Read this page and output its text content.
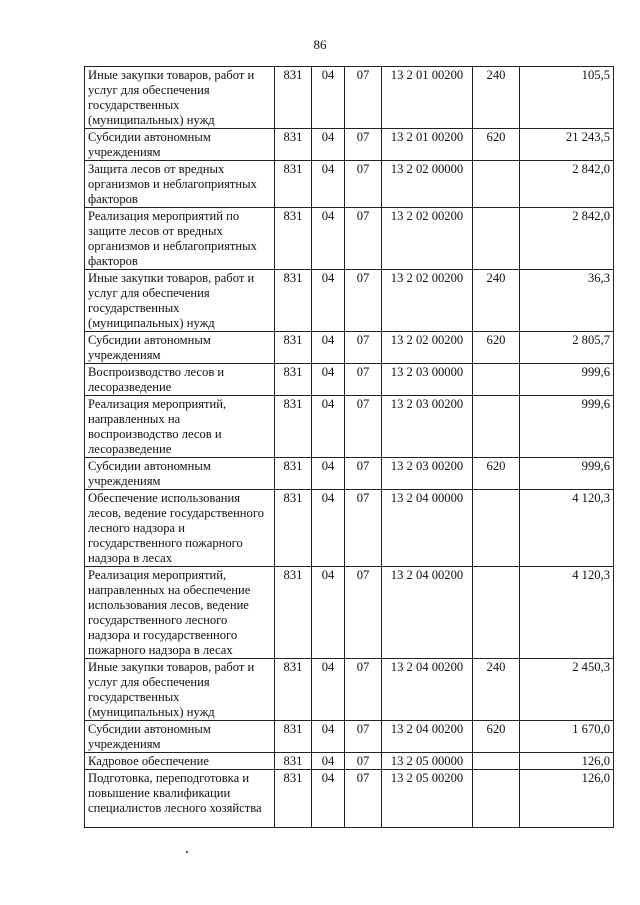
86
Иные закупки товаров, работ и услуг для обеспечения государственных (муниципальных) нужд	831	04	07	13 2 01 00200	240	105,5
Субсидии автономным учреждениям	831	04	07	13 2 01 00200	620	21 243,5
Защита лесов от вредных организмов и неблагоприятных факторов	831	04	07	13 2 02 00000		2 842,0
Реализация мероприятий по защите лесов от вредных организмов и неблагоприятных факторов	831	04	07	13 2 02 00200		2 842,0
Иные закупки товаров, работ и услуг для обеспечения государственных (муниципальных) нужд	831	04	07	13 2 02 00200	240	36,3
Субсидии автономным учреждениям	831	04	07	13 2 02 00200	620	2 805,7
Воспроизводство лесов и лесоразведение	831	04	07	13 2 03 00000		999,6
Реализация мероприятий, направленных на воспроизводство лесов и лесоразведение	831	04	07	13 2 03 00200		999,6
Субсидии автономным учреждениям	831	04	07	13 2 03 00200	620	999,6
Обеспечение использования лесов, ведение государственного лесного надзора и государственного пожарного надзора в лесах	831	04	07	13 2 04 00000		4 120,3
Реализация мероприятий, направленных на обеспечение использования лесов, ведение государственного лесного надзора и государственного пожарного надзора в лесах	831	04	07	13 2 04 00200		4 120,3
Иные закупки товаров, работ и услуг для обеспечения государственных (муниципальных) нужд	831	04	07	13 2 04 00200	240	2 450,3
Субсидии автономным учреждениям	831	04	07	13 2 04 00200	620	1 670,0
Кадровое обеспечение	831	04	07	13 2 05 00000		126,0
Подготовка, переподготовка и повышение квалификации специалистов лесного хозяйства	831	04	07	13 2 05 00200		126,0
